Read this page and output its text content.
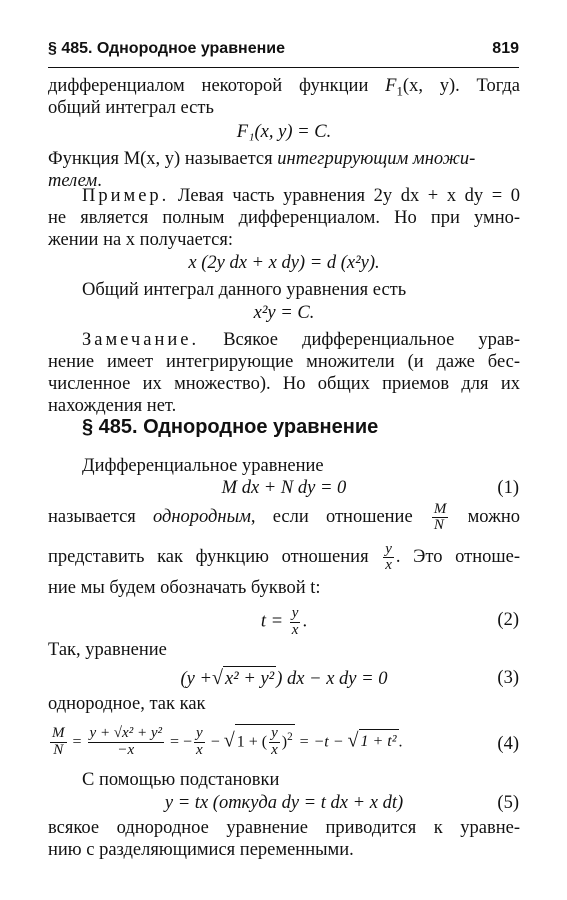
§ 485. Однородное уравнение	819

дифференциалом некоторой функции $F_1(x$, y). Тогда

общий интеграл есть

F₁(x, y) = C.

Функция M(x, y) называется интегрирующим множи-
телем.

Пример. Левая часть уравнения 2y dx + x dy = 0

не является полным дифференциалом. Но при умно-

жении на x получается:

x (2y dx + x dy) = d (x²y).

Общий интеграл данного уравнения есть

x²y = C.

Замечание. Всякое дифференциальное урав-

нение имеет интегрирующие множители (и даже бес-

численное их множество). Но общих приемов для их

нахождения нет.

§ 485. Однородное уравнение

Дифференциальное уравнение

M dx + N dy = 0	(1)

называется однородным, если отношение $\frac{M}{N}$ можно

представить как функцию отношения $\frac{y}{x}$ . Это отноше-

ние мы будем обозначать буквой t:

$t = \frac{y}{x}$ .	(2)

Так, уравнение

(y +√ x² + y² ) dx − x dy = 0	(3)

однородное, так как

$\frac{M}{N} = \frac{\text{y + √x² + y²}}{-x}$ = − $\frac{y}{x}$ − √ 1 + ( $\frac{y}{x} )^2 = -t$ − √ 1 + t² .	(4)

С помощью подстановки

y = tx (откуда dy = t dx + x dt)	(5)

всякое однородное уравнение приводится к уравне-

нию с разделяющимися переменными.
